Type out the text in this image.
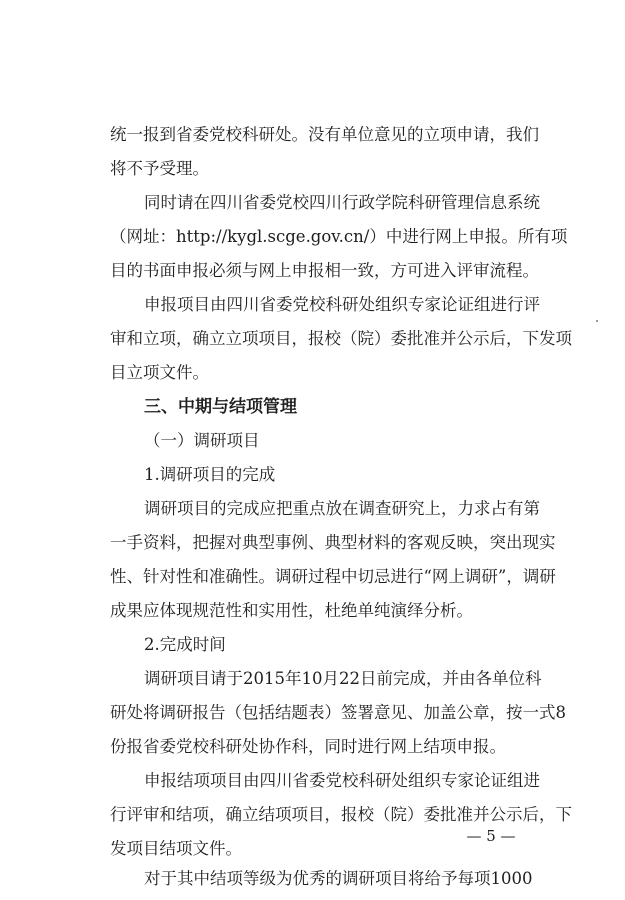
统一报到省委党校科研处。没有单位意见的立项申请，我们
将不予受理。
同时请在四川省委党校四川行政学院科研管理信息系统
（网址：http://kygl.scge.gov.cn/）中进行网上申报。所有项
目的书面申报必须与网上申报相一致，方可进入评审流程。
申报项目由四川省委党校科研处组织专家论证组进行评
审和立项，确立立项项目，报校（院）委批准并公示后，下发项
目立项文件。
三、中期与结项管理
（一）调研项目
1.调研项目的完成
调研项目的完成应把重点放在调查研究上，力求占有第
一手资料，把握对典型事例、典型材料的客观反映，突出现实
性、针对性和准确性。调研过程中切忌进行“网上调研”，调研
成果应体现规范性和实用性，杜绝单纯演绎分析。
2.完成时间
调研项目请于2015年10月22日前完成，并由各单位科
研处将调研报告（包括结题表）签署意见、加盖公章，按一式8
份报省委党校科研处协作科，同时进行网上结项申报。
申报结项项目由四川省委党校科研处组织专家论证组进
行评审和结项，确立结项项目，报校（院）委批准并公示后，下
发项目结项文件。
对于其中结项等级为优秀的调研项目将给予每项1000
— 5 —
